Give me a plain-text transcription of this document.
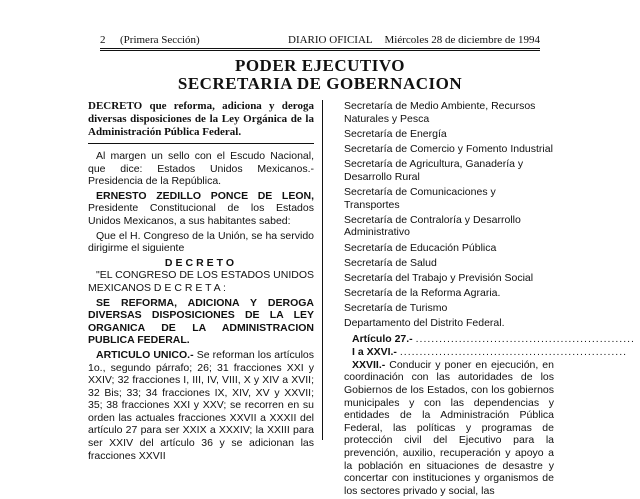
2 (Primera Sección)	DIARIO OFICIAL Miércoles 28 de diciembre de 1994
PODER EJECUTIVO
SECRETARIA DE GOBERNACION
DECRETO que reforma, adiciona y deroga diversas disposiciones de la Ley Orgánica de la Administración Pública Federal.

Al margen un sello con el Escudo Nacional, que dice: Estados Unidos Mexicanos.- Presidencia de la República.

ERNESTO ZEDILLO PONCE DE LEON, Presidente Constitucional de los Estados Unidos Mexicanos, a sus habitantes sabed:

Que el H. Congreso de la Unión, se ha servido dirigirme el siguiente

DECRETO

"EL CONGRESO DE LOS ESTADOS UNIDOS MEXICANOS D E C R E T A :

SE REFORMA, ADICIONA Y DEROGA DIVERSAS DISPOSICIONES DE LA LEY ORGANICA DE LA ADMINISTRACION PUBLICA FEDERAL.

ARTICULO UNICO.- Se reforman los artículos 1o., segundo párrafo; 26; 31 fracciones XXI y XXIV; 32 fracciones I, III, IV, VIII, X y XIV a XVII; 32 Bis; 33; 34 fracciones IX, XIV, XV y XXVII; 35; 38 fracciones XXI y XXV; se recorren en su orden las actuales fracciones XXVII a XXXII del artículo 27 para ser XXIX a XXXIV; la XXIII para ser XXIV del artículo 36 y se adicionan las fracciones XXVII

Secretaría de Medio Ambiente, Recursos Naturales y Pesca
Secretaría de Energía
Secretaría de Comercio y Fomento Industrial
Secretaría de Agricultura, Ganadería y Desarrollo Rural
Secretaría de Comunicaciones y Transportes
Secretaría de Contraloría y Desarrollo Administrativo
Secretaría de Educación Pública
Secretaría de Salud
Secretaría del Trabajo y Previsión Social
Secretaría de la Reforma Agraria.
Secretaría de Turismo
Departamento del Distrito Federal.
Artículo 27.- ........................................................
I a XXVI.- ..........................................................

XXVII.- Conducir y poner en ejecución, en coordinación con las autoridades de los Gobiernos de los Estados, con los gobiernos municipales y con las dependencias y entidades de la Administración Pública Federal, las políticas y programas de protección civil del Ejecutivo para la prevención, auxilio, recuperación y apoyo a la población en situaciones de desastre y concertar con instituciones y organismos de los sectores privado y social, las
